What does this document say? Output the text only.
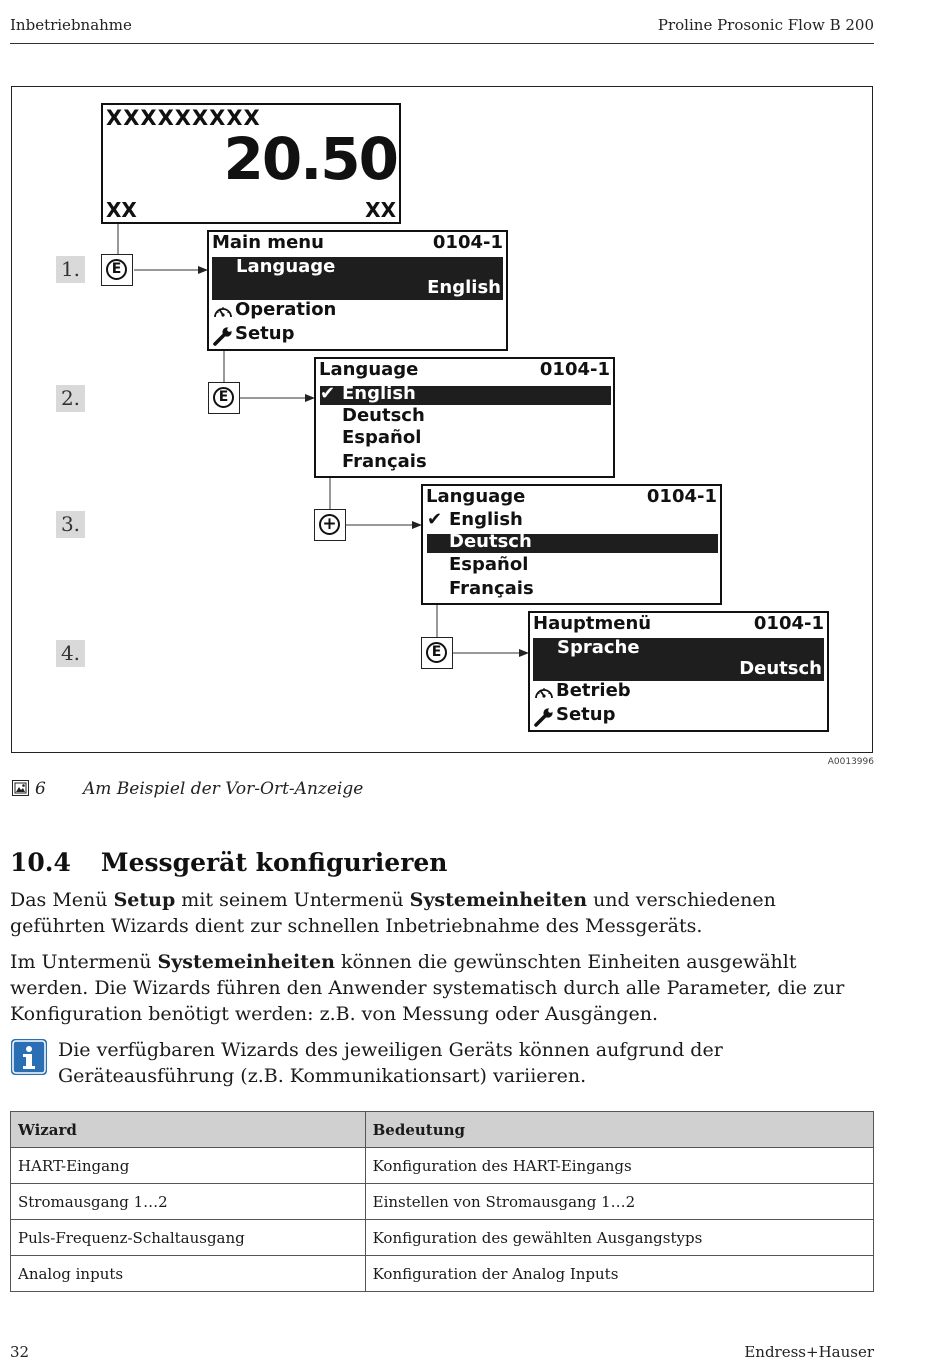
Inbetriebnahme	Proline Prosonic Flow B 200
1.
2.
3.
4.
E
E
+
E
XXXXXXXXX
20.50
XX	XX
Main menu	0104-1
Language
English
Operation
Setup
Language	0104-1
✔ English
Deutsch
Español
Français
Language	0104-1
✔ English
Deutsch
Español
Français
Hauptmenü	0104-1
Sprache
Deutsch
Betrieb
Setup
A0013996
6 Am Beispiel der Vor-Ort-Anzeige
10.4 Messgerät konfigurieren

Das Menü Setup mit seinem Untermenü Systemeinheiten und verschiedenen geführten Wizards dient zur schnellen Inbetriebnahme des Messgeräts.

Im Untermenü Systemeinheiten können die gewünschten Einheiten ausgewählt werden. Die Wizards führen den Anwender systematisch durch alle Parameter, die zur Konfiguration benötigt werden: z.B. von Messung oder Ausgängen.

Die verfügbaren Wizards des jeweiligen Geräts können aufgrund der Geräteausführung (z.B. Kommunikationsart) variieren.

Wizard	Bedeutung
HART-Eingang	Konfiguration des HART-Eingangs
Stromausgang 1…2	Einstellen von Stromausgang 1…2
Puls-Frequenz-Schaltausgang	Konfiguration des gewählten Ausgangstyps
Analog inputs	Konfiguration der Analog Inputs
32	Endress+Hauser
